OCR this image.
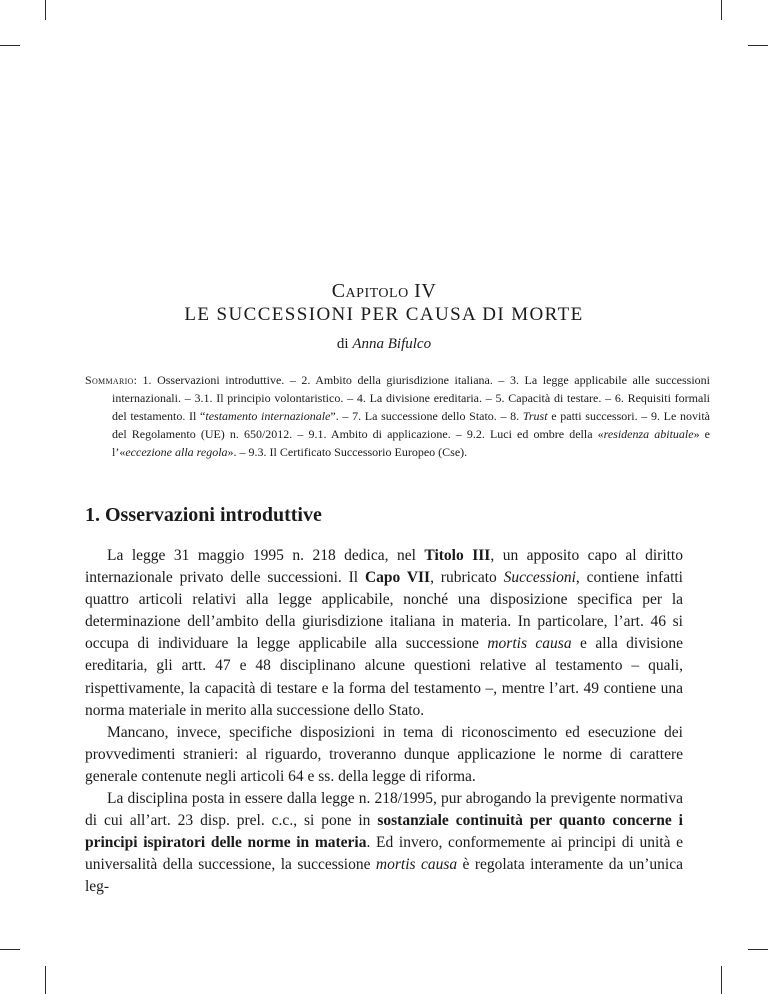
Capitolo IV
LE SUCCESSIONI PER CAUSA DI MORTE
di Anna Bifulco
Sommario: 1. Osservazioni introduttive. – 2. Ambito della giurisdizione italiana. – 3. La legge applicabile alle successioni internazionali. – 3.1. Il principio volontaristico. – 4. La divisione ereditaria. – 5. Capacità di testare. – 6. Requisiti formali del testamento. Il “testamento internazionale”. – 7. La successione dello Stato. – 8. Trust e patti successori. – 9. Le novità del Regolamento (UE) n. 650/2012. – 9.1. Ambito di applicazione. – 9.2. Luci ed ombre della «residenza abituale» e l’«eccezione alla regola». – 9.3. Il Certificato Successorio Europeo (Cse).
1. Osservazioni introduttive

La legge 31 maggio 1995 n. 218 dedica, nel Titolo III, un apposito capo al diritto internazionale privato delle successioni. Il Capo VII, rubricato Successioni, contiene infatti quattro articoli relativi alla legge applicabile, nonché una disposizione specifica per la determinazione dell’ambito della giurisdizione italiana in materia. In particolare, l’art. 46 si occupa di individuare la legge applicabile alla successione mortis causa e alla divisione ereditaria, gli artt. 47 e 48 disciplinano alcune questioni relative al testamento – quali, rispettivamente, la capacità di testare e la forma del testamento –, mentre l’art. 49 contiene una norma materiale in merito alla successione dello Stato.

Mancano, invece, specifiche disposizioni in tema di riconoscimento ed esecuzione dei provvedimenti stranieri: al riguardo, troveranno dunque applicazione le norme di carattere generale contenute negli articoli 64 e ss. della legge di riforma.

La disciplina posta in essere dalla legge n. 218/1995, pur abrogando la previgente normativa di cui all’art. 23 disp. prel. c.c., si pone in sostanziale continuità per quanto concerne i principi ispiratori delle norme in materia. Ed invero, conformemente ai principi di unità e universalità della successione, la successione mortis causa è regolata interamente da un’unica leg-
